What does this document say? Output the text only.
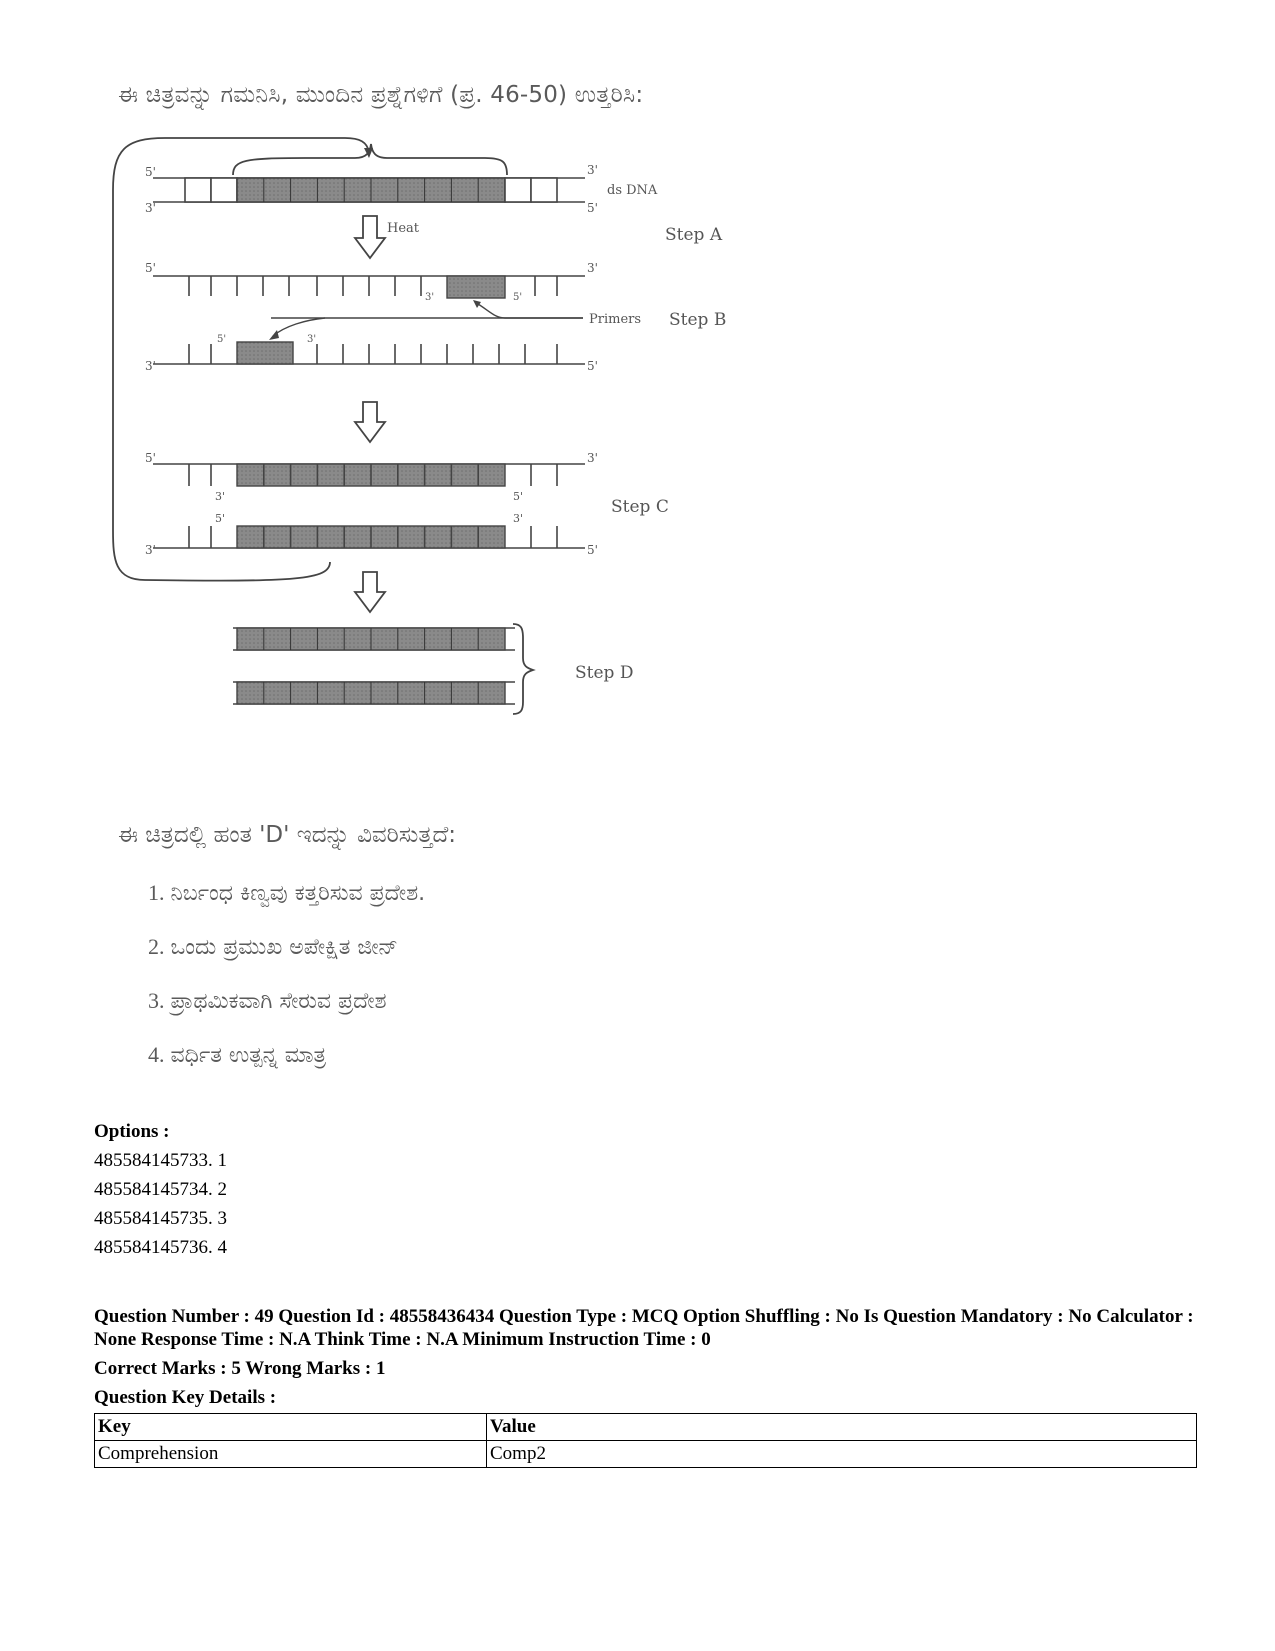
ಈ ಚಿತ್ರವನ್ನು ಗಮನಿಸಿ, ಮುಂದಿನ ಪ್ರಶ್ನೆಗಳಿಗೆ (ಪ್ರ. 46-50) ಉತ್ತರಿಸಿ:
5'	3'
3'	5'
ds DNA
Heat	Step A
5'	3'
3'	5'
Primers Step B
5'	3'
3'	5'
5'	3'
3'	5'
Step C
5'	3'
3'	5'
Step D
ಈ ಚಿತ್ರದಲ್ಲಿ ಹಂತ 'D' ಇದನ್ನು ವಿವರಿಸುತ್ತದೆ:
1. ನಿರ್ಬಂಧ ಕಿಣ್ವವು ಕತ್ತರಿಸುವ ಪ್ರದೇಶ.
2. ಒಂದು ಪ್ರಮುಖ ಅಪೇಕ್ಷಿತ ಜೀನ್
3. ಪ್ರಾಥಮಿಕವಾಗಿ ಸೇರುವ ಪ್ರದೇಶ
4. ವರ್ಧಿತ ಉತ್ಪನ್ನ ಮಾತ್ರ
Options :
485584145733. 1
485584145734. 2
485584145735. 3
485584145736. 4
Question Number : 49 Question Id : 48558436434 Question Type : MCQ Option Shuffling : No Is Question Mandatory : No Calculator : None Response Time : N.A Think Time : N.A Minimum Instruction Time : 0
Correct Marks : 5 Wrong Marks : 1
Question Key Details :
Key	Value
Comprehension	Comp2
